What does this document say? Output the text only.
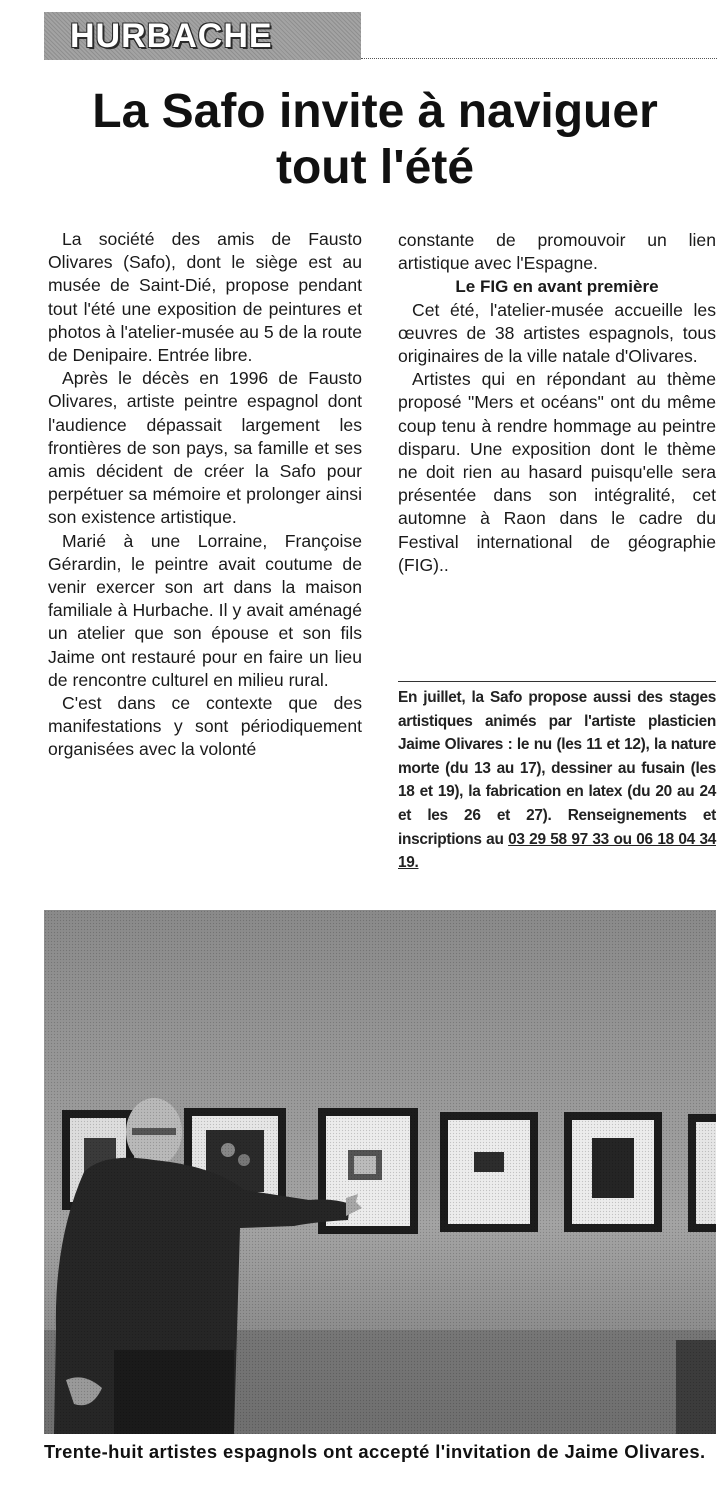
HURBACHE
La Safo invite à naviguer
tout l'été

La société des amis de Fausto Olivares (Safo), dont le siège est au musée de Saint-Dié, propose pendant tout l'été une exposition de peintures et photos à l'atelier-musée au 5 de la route de Denipaire. Entrée libre.

Après le décès en 1996 de Fausto Olivares, artiste peintre espagnol dont l'audience dépassait largement les frontières de son pays, sa famille et ses amis décident de créer la Safo pour perpétuer sa mémoire et prolonger ainsi son existence artistique.

Marié à une Lorraine, Françoise Gérardin, le peintre avait coutume de venir exercer son art dans la maison familiale à Hurbache. Il y avait aménagé un atelier que son épouse et son fils Jaime ont restauré pour en faire un lieu de rencontre culturel en milieu rural.

C'est dans ce contexte que des manifestations y sont périodiquement organisées avec la volonté

constante de promouvoir un lien artistique avec l'Espagne.

Le FIG en avant première

Cet été, l'atelier-musée accueille les œuvres de 38 artistes espagnols, tous originaires de la ville natale d'Olivares.

Artistes qui en répondant au thème proposé "Mers et océans" ont du même coup tenu à rendre hommage au peintre disparu. Une exposition dont le thème ne doit rien au hasard puisqu'elle sera présentée dans son intégralité, cet automne à Raon dans le cadre du Festival international de géographie (FIG)..

En juillet, la Safo propose aussi des stages artistiques animés par l'artiste plasticien Jaime Olivares : le nu (les 11 et 12), la nature morte (du 13 au 17), dessiner au fusain (les 18 et 19), la fabrication en latex (du 20 au 24 et les 26 et 27). Renseignements et inscriptions au 03 29 58 97 33 ou 06 18 04 34 19.

Trente-huit artistes espagnols ont accepté l'invitation de Jaime Olivares.
